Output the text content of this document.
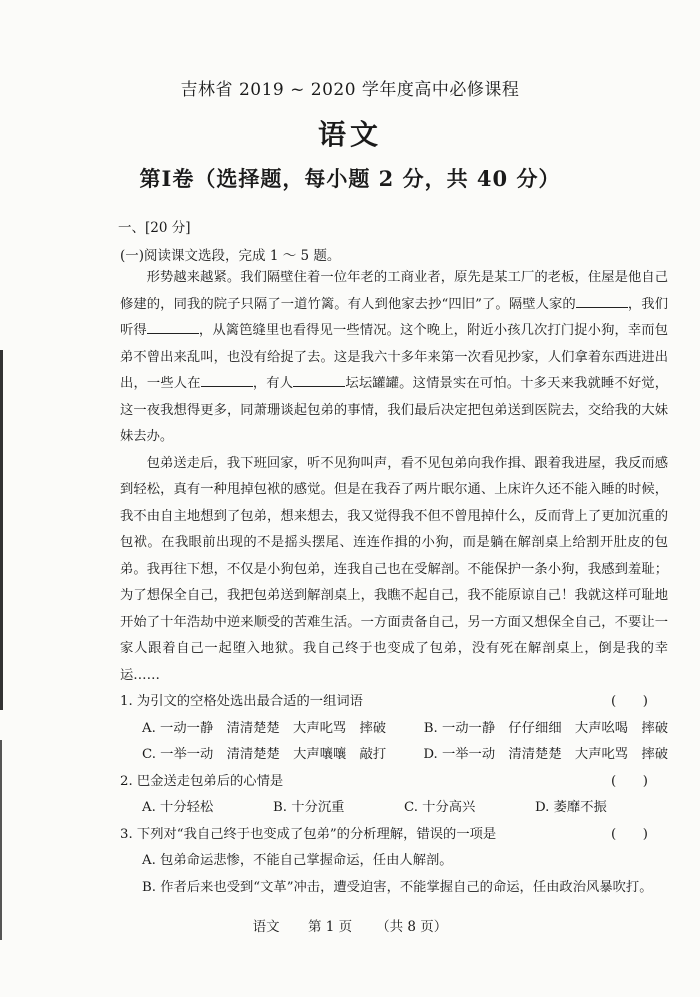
吉林省 2019 ~ 2020 学年度高中必修课程
语文
第Ⅰ卷（选择题，每小题 2 分，共 40 分）
一、[20 分]
(一)阅读课文选段，完成 1 ～ 5 题。
形势越来越紧。我们隔壁住着一位年老的工商业者，原先是某工厂的老板，住屋是他自己修建的，同我的院子只隔了一道竹篱。有人到他家去抄“四旧”了。隔壁人家的	，我们听得	，从篱笆缝里也看得见一些情况。这个晚上，附近小孩几次打门捉小狗，幸而包弟不曾出来乱叫，也没有给捉了去。这是我六十多年来第一次看见抄家，人们拿着东西进进出出，一些人在	，有人	坛坛罐罐。这情景实在可怕。十多天来我就睡不好觉，这一夜我想得更多，同萧珊谈起包弟的事情，我们最后决定把包弟送到医院去，交给我的大妹妹去办。
包弟送走后，我下班回家，听不见狗叫声，看不见包弟向我作揖、跟着我进屋，我反而感到轻松，真有一种甩掉包袱的感觉。但是在我吞了两片眠尔通、上床许久还不能入睡的时候，我不由自主地想到了包弟，想来想去，我又觉得我不但不曾甩掉什么，反而背上了更加沉重的包袱。在我眼前出现的不是摇头摆尾、连连作揖的小狗，而是躺在解剖桌上给割开肚皮的包弟。我再往下想，不仅是小狗包弟，连我自己也在受解剖。不能保护一条小狗，我感到羞耻；为了想保全自己，我把包弟送到解剖桌上，我瞧不起自己，我不能原谅自己！我就这样可耻地开始了十年浩劫中逆来顺受的苦难生活。一方面责备自己，另一方面又想保全自己，不要让一家人跟着自己一起堕入地狱。我自己终于也变成了包弟，没有死在解剖桌上，倒是我的幸运……
1. 为引文的空格处选出最合适的一组词语	(　　)
A. 一动一静　清清楚楚　大声叱骂　摔破	B. 一动一静　仔仔细细　大声吆喝　摔破
C. 一举一动　清清楚楚　大声嚷嚷　敲打	D. 一举一动　清清楚楚　大声叱骂　摔破
2. 巴金送走包弟后的心情是	(　　)
A. 十分轻松	B. 十分沉重	C. 十分高兴	D. 萎靡不振
3. 下列对“我自己终于也变成了包弟”的分析理解，错误的一项是	(　　)
A. 包弟命运悲惨，不能自己掌握命运，任由人解剖。
B. 作者后来也受到“文革”冲击，遭受迫害，不能掌握自己的命运，任由政治风暴吹打。
语文 第 1 页 （共 8 页）
